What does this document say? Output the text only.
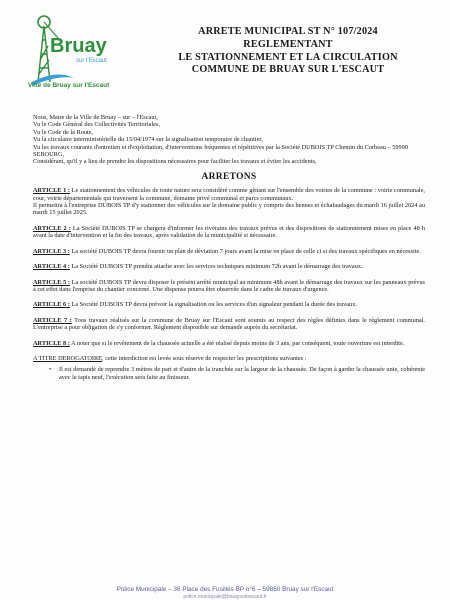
Bruay
sur l'Escaut
Ville de Bruay sur l'Escaut
ARRETE MUNICIPAL ST N° 107/2024
REGLEMENTANT
LE STATIONNEMENT ET LA CIRCULATION
COMMUNE DE BRUAY SUR L'ESCAUT

Nous, Maire de la Ville de Bruay – sur – l'Escaut,

Vu le Code Général des Collectivités Territoriales,

Vu le Code de la Route,

Vu la circulaire interministérielle du 15/04/1974 sur la signalisation temporaire de chantier,

Vu les travaux courants d'entretien et d'exploitation, d'interventions fréquentes et répétitives par la Société DUBOIS TP Chemin du Corbeau – 59990 SEBOURG,

Considérant, qu'il y a lieu de prendre les dispositions nécessaires pour faciliter les travaux et éviter les accidents,

ARRETONS
ARTICLE 1 : Le stationnement des véhicules de toute nature sera considéré comme gênant sur l'ensemble des voiries de la commune : voirie communale, cour, voirie départementale qui traversent la commune, domaine privé communal et parcs communaux.
Il permettra à l'entreprise DUBOIS TP d'y stationner des véhicules sur le domaine public y compris des bennes et échafaudages du mardi 16 juillet 2024 au mardi 15 juillet 2025.
ARTICLE 2 : La Société DUBOIS TP se chargera d'informer les riverains des travaux prévus et des dispositions de stationnement mises en place 48 h avant la date d'intervention et la fin des travaux, après validation de la municipalité si nécessaire.
ARTICLE 3 : La société DUBOIS TP devra fournir un plan de déviation 7 jours avant la mise en place de celle ci si des travaux spécifiques en nécessite.
ARTICLE 4 : La Société DUBOIS TP prendra attache avec les services techniques minimum 72h avant le démarrage des travaux.
ARTICLE 5 : La société DUBOIS TP devra disposer le présent arrêté municipal au minimum 48h avant le démarrage des travaux sur les panneaux prévus à cet effet dans l'emprise du chantier concerné. Une dispense pourra être observée dans le cadre de travaux d'urgence.
ARTICLE 6 : La Société DUBOIS TP devra prévoir la signalisation ou les services d'un signaleur pendant la durée des travaux.
ARTICLE 7 : Tous travaux réalisés sur la commune de Bruay sur l'Escaut sont soumis au respect des règles définies dans le règlement communal. L'entreprise a pour obligation de s'y conformer. Règlement disponible sur demande auprès du secrétariat.
ARTICLE 8 : A noter que si le revêtement de la chaussée actuelle a été réalisé depuis moins de 3 ans, par conséquent, toute ouverture est interdite.
A TITRE DEROGATOIRE, cette interdiction est levée sous réserve de respecter les prescriptions suivantes :
• Il est demandé de reprendre 3 mètres de part et d'autre de la tranchée sur la largeur de la chaussée. De façon à garder la chaussée unie, cohérente avec le tapis neuf, l'exécution sera faite au finisseur.
Police Municipale – 36 Place des Fusillés BP n°6 – 59860 Bruay sur l'Escaut
police.municipale@bruaysurlescaut.fr
